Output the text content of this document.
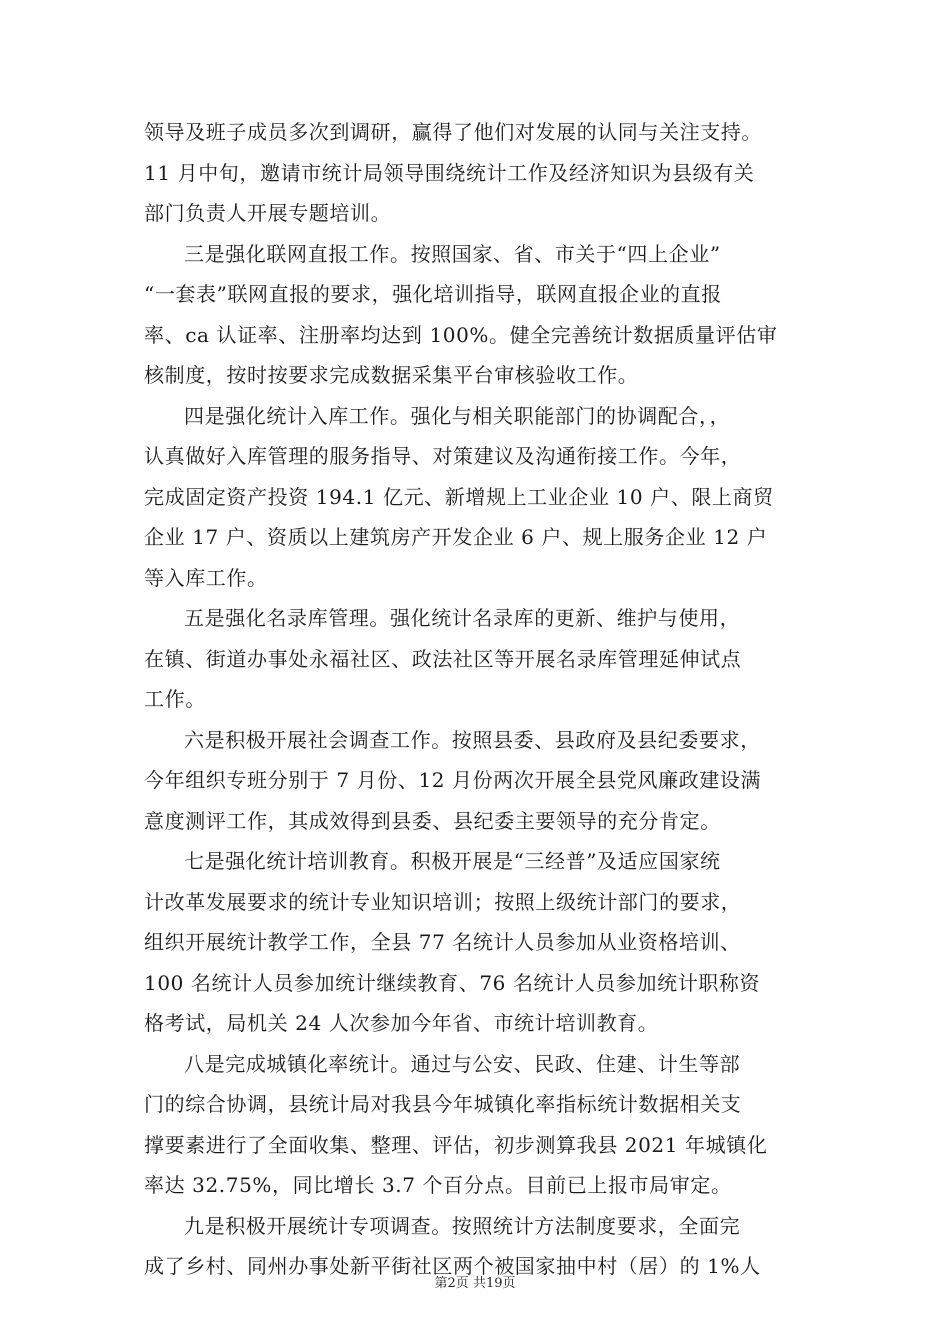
领导及班子成员多次到调研，赢得了他们对发展的认同与关注支持。
11 月中旬，邀请市统计局领导围绕统计工作及经济知识为县级有关
部门负责人开展专题培训。
三是强化联网直报工作。按照国家、省、市关于“四上企业”
“一套表”联网直报的要求，强化培训指导，联网直报企业的直报
率、ca 认证率、注册率均达到 100%。健全完善统计数据质量评估审
核制度，按时按要求完成数据采集平台审核验收工作。
四是强化统计入库工作。强化与相关职能部门的协调配合，，
认真做好入库管理的服务指导、对策建议及沟通衔接工作。今年，
完成固定资产投资 194.1 亿元、新增规上工业企业 10 户、限上商贸
企业 17 户、资质以上建筑房产开发企业 6 户、规上服务企业 12 户
等入库工作。
五是强化名录库管理。强化统计名录库的更新、维护与使用，
在镇、街道办事处永福社区、政法社区等开展名录库管理延伸试点
工作。
六是积极开展社会调查工作。按照县委、县政府及县纪委要求，
今年组织专班分别于 7 月份、12 月份两次开展全县党风廉政建设满
意度测评工作，其成效得到县委、县纪委主要领导的充分肯定。
七是强化统计培训教育。积极开展是“三经普”及适应国家统
计改革发展要求的统计专业知识培训；按照上级统计部门的要求，
组织开展统计教学工作，全县 77 名统计人员参加从业资格培训、
100 名统计人员参加统计继续教育、76 名统计人员参加统计职称资
格考试，局机关 24 人次参加今年省、市统计培训教育。
八是完成城镇化率统计。通过与公安、民政、住建、计生等部
门的综合协调，县统计局对我县今年城镇化率指标统计数据相关支
撑要素进行了全面收集、整理、评估，初步测算我县 2021 年城镇化
率达 32.75%，同比增长 3.7 个百分点。目前已上报市局审定。
九是积极开展统计专项调查。按照统计方法制度要求，全面完
成了乡村、同州办事处新平街社区两个被国家抽中村（居）的 1%人
第2页 共19页
